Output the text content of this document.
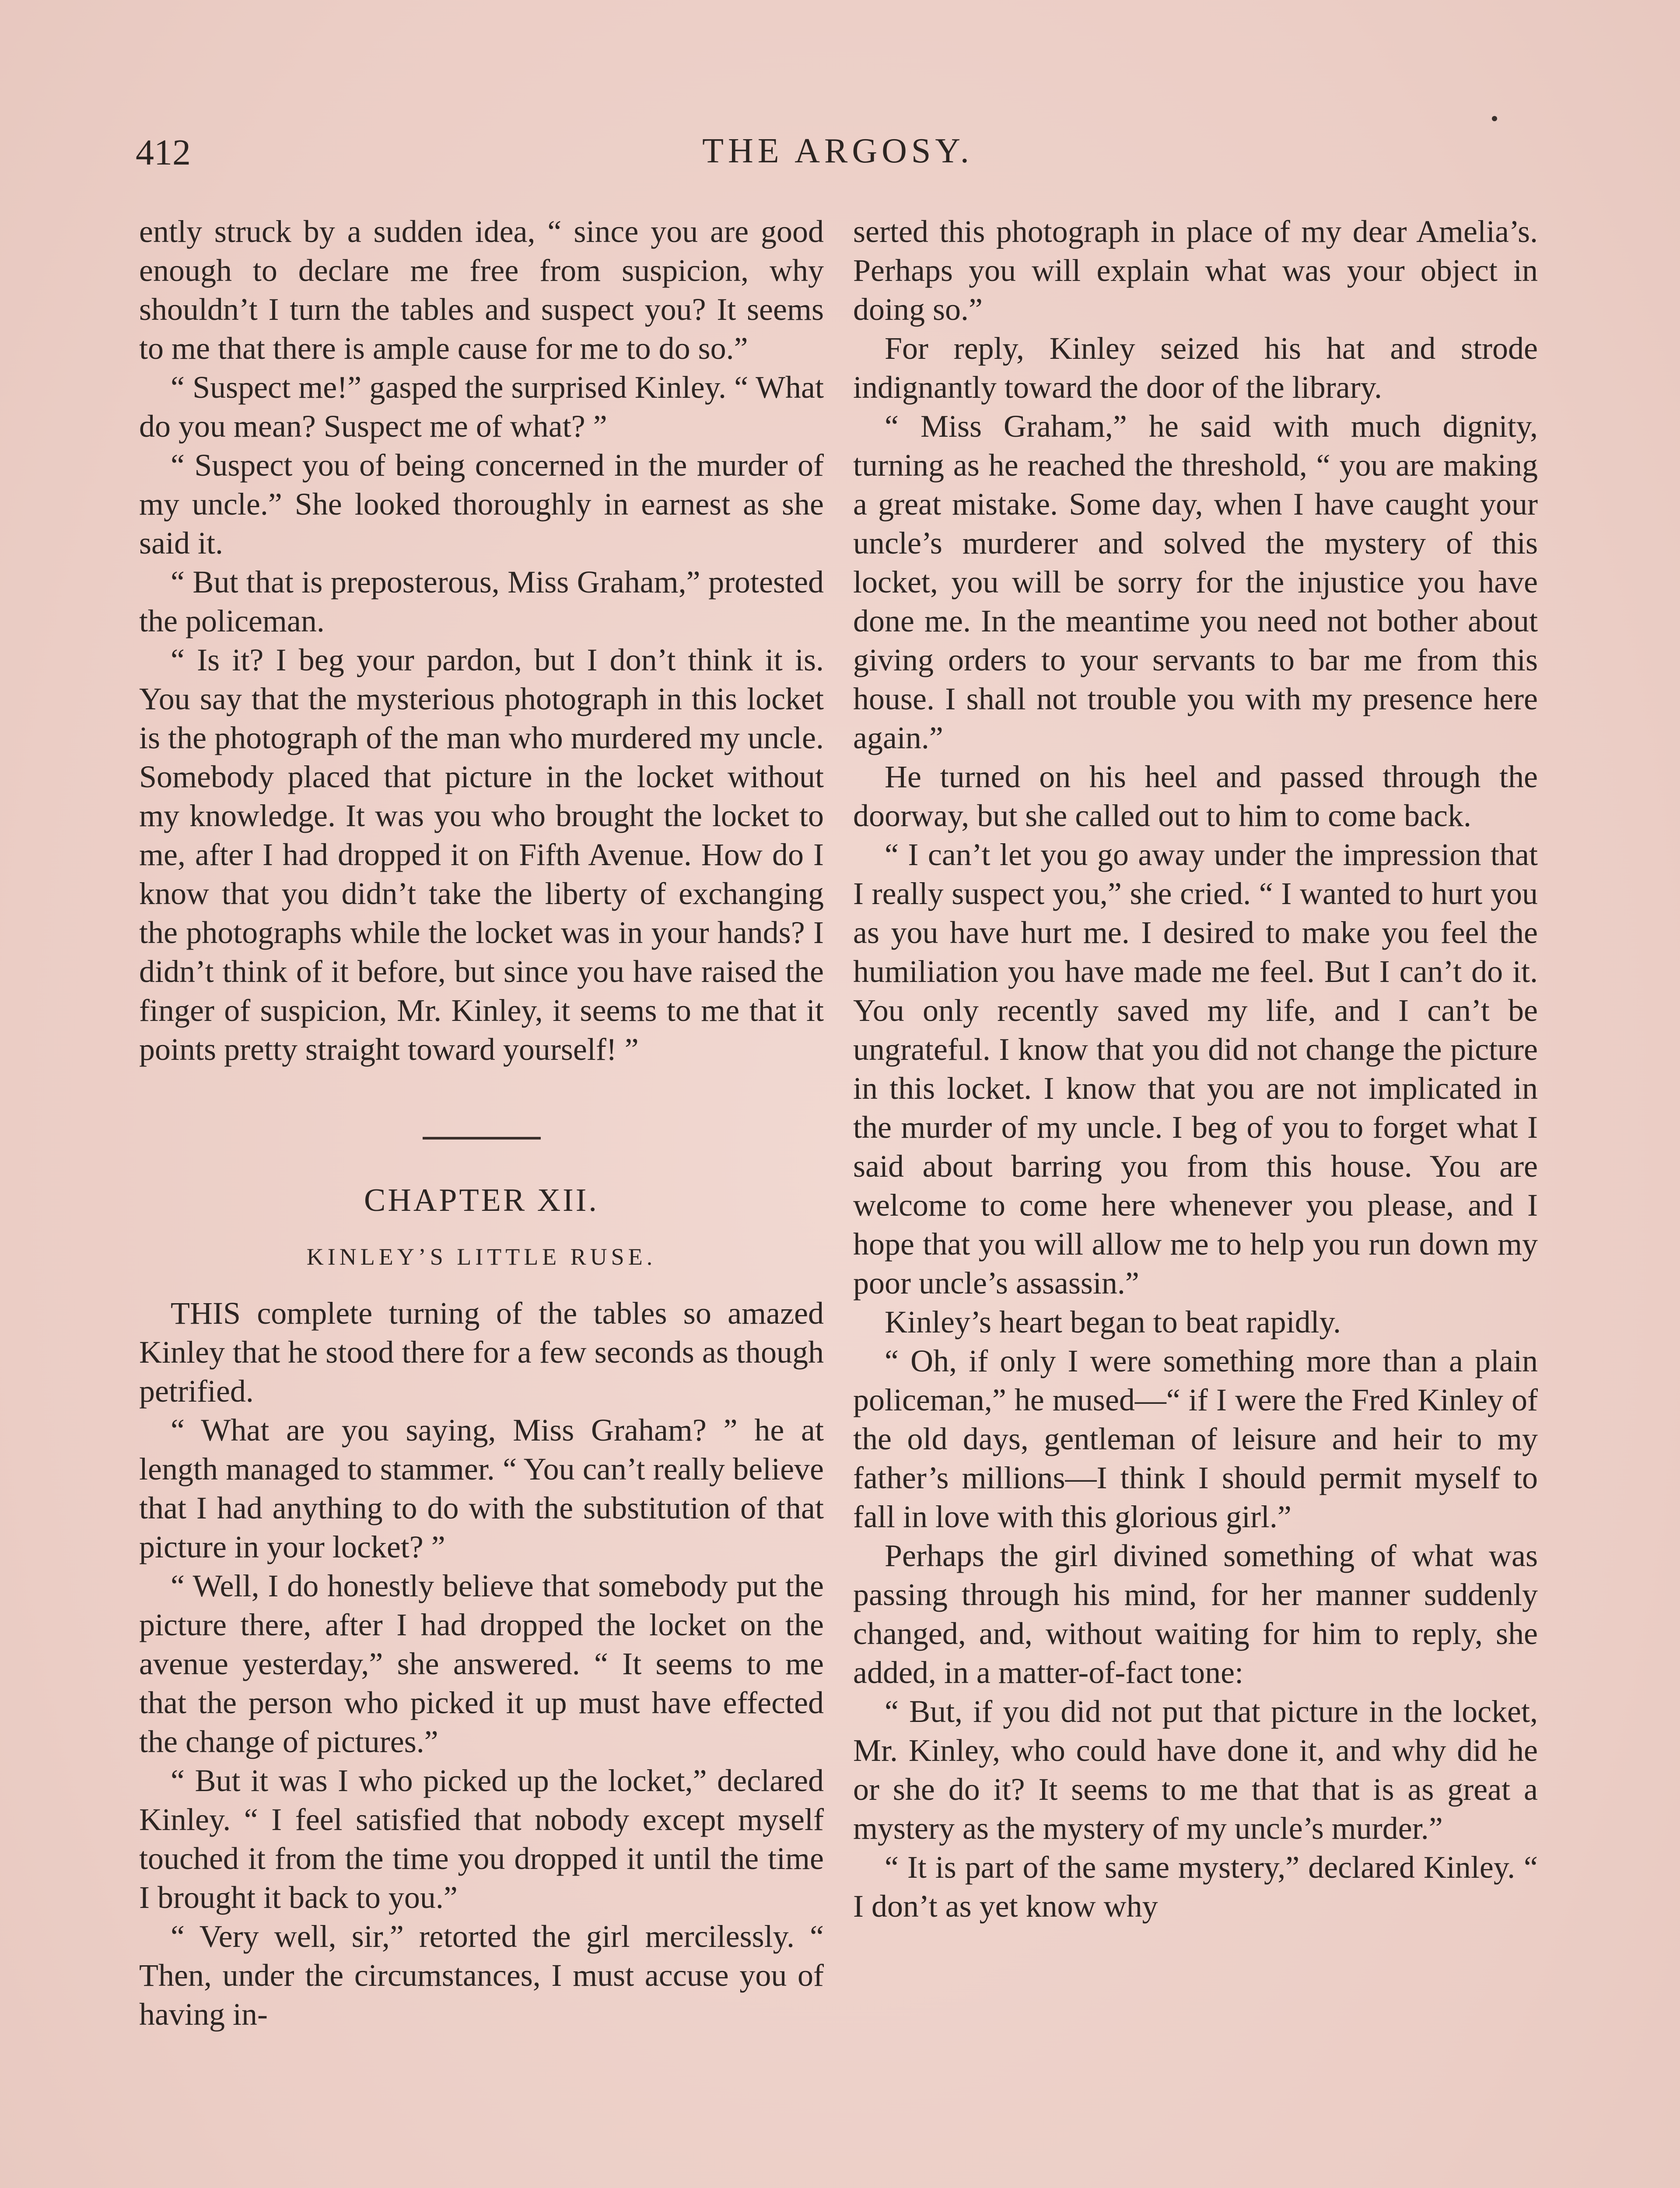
412	THE ARGOSY.

ently struck by a sudden idea, “ since you are good enough to declare me free from suspicion, why shouldn’t I turn the tables and suspect you? It seems to me that there is ample cause for me to do so.”

“ Suspect me!” gasped the surprised Kinley. “ What do you mean? Suspect me of what? ”

“ Suspect you of being concerned in the murder of my uncle.” She looked thoroughly in earnest as she said it.

“ But that is preposterous, Miss Graham,” protested the policeman.

“ Is it? I beg your pardon, but I don’t think it is. You say that the mysterious photograph in this locket is the photograph of the man who murdered my uncle. Somebody placed that picture in the locket without my knowledge. It was you who brought the locket to me, after I had dropped it on Fifth Avenue. How do I know that you didn’t take the liberty of exchanging the photographs while the locket was in your hands? I didn’t think of it before, but since you have raised the finger of suspicion, Mr. Kinley, it seems to me that it points pretty straight toward yourself! ”

CHAPTER XII.
KINLEY’S LITTLE RUSE.

THIS complete turning of the tables so amazed Kinley that he stood there for a few seconds as though petrified.

“ What are you saying, Miss Graham? ” he at length managed to stammer. “ You can’t really believe that I had anything to do with the substitution of that picture in your locket? ”

“ Well, I do honestly believe that somebody put the picture there, after I had dropped the locket on the avenue yesterday,” she answered. “ It seems to me that the person who picked it up must have effected the change of pictures.”

“ But it was I who picked up the locket,” declared Kinley. “ I feel satisfied that nobody except myself touched it from the time you dropped it until the time I brought it back to you.”

“ Very well, sir,” retorted the girl mercilessly. “ Then, under the circumstances, I must accuse you of having in-

serted this photograph in place of my dear Amelia’s. Perhaps you will explain what was your object in doing so.”

For reply, Kinley seized his hat and strode indignantly toward the door of the library.

“ Miss Graham,” he said with much dignity, turning as he reached the threshold, “ you are making a great mistake. Some day, when I have caught your uncle’s murderer and solved the mystery of this locket, you will be sorry for the injustice you have done me. In the meantime you need not bother about giving orders to your servants to bar me from this house. I shall not trouble you with my presence here again.”

He turned on his heel and passed through the doorway, but she called out to him to come back.

“ I can’t let you go away under the impression that I really suspect you,” she cried. “ I wanted to hurt you as you have hurt me. I desired to make you feel the humiliation you have made me feel. But I can’t do it. You only recently saved my life, and I can’t be ungrateful. I know that you did not change the picture in this locket. I know that you are not implicated in the murder of my uncle. I beg of you to forget what I said about barring you from this house. You are welcome to come here whenever you please, and I hope that you will allow me to help you run down my poor uncle’s assassin.”

Kinley’s heart began to beat rapidly.

“ Oh, if only I were something more than a plain policeman,” he mused—“ if I were the Fred Kinley of the old days, gentleman of leisure and heir to my father’s millions—I think I should permit myself to fall in love with this glorious girl.”

Perhaps the girl divined something of what was passing through his mind, for her manner suddenly changed, and, without waiting for him to reply, she added, in a matter-of-fact tone:

“ But, if you did not put that picture in the locket, Mr. Kinley, who could have done it, and why did he or she do it? It seems to me that that is as great a mystery as the mystery of my uncle’s murder.”

“ It is part of the same mystery,” declared Kinley. “ I don’t as yet know why
